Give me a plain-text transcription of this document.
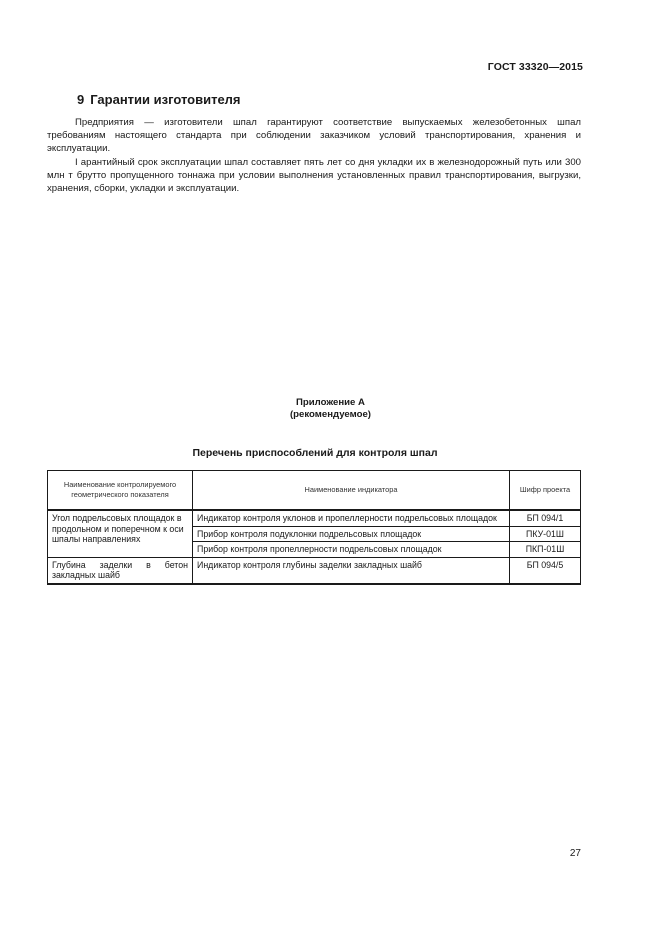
ГОСТ 33320—2015
9 Гарантии изготовителя

Предприятия — изготовители шпал гарантируют соответствие выпускаемых железобетонных шпал требованиям настоящего стандарта при соблюдении заказчиком условий транспортирования, хранения и эксплуатации.

I арантийный срок эксплуатации шпал составляет пять лет со дня укладки их в железнодорожный путь или 300 млн т брутто пропущенного тоннажа при условии выполнения установленных правил транспортирования, выгрузки, хранения, сборки, укладки и эксплуатации.

Приложение А
(рекомендуемое)
Перечень приспособлений для контроля шпал
Наименование контролируемого геометрического показателя	Наименование индикатора	Шифр проекта
Угол подрельсовых площадок в продольном и поперечном к оси шпалы направлениях	Индикатор контроля уклонов и пропеллерности подрельсовых площадок	БП 094/1
	Прибор контроля подуклонки подрельсовых площадок	ПКУ-01Ш
	Прибор контроля пропеллерности подрельсовых площадок	ПКП-01Ш
Глубина заделки в бетон закладных шайб	Индикатор контроля глубины заделки закладных шайб	БП 094/5
27
